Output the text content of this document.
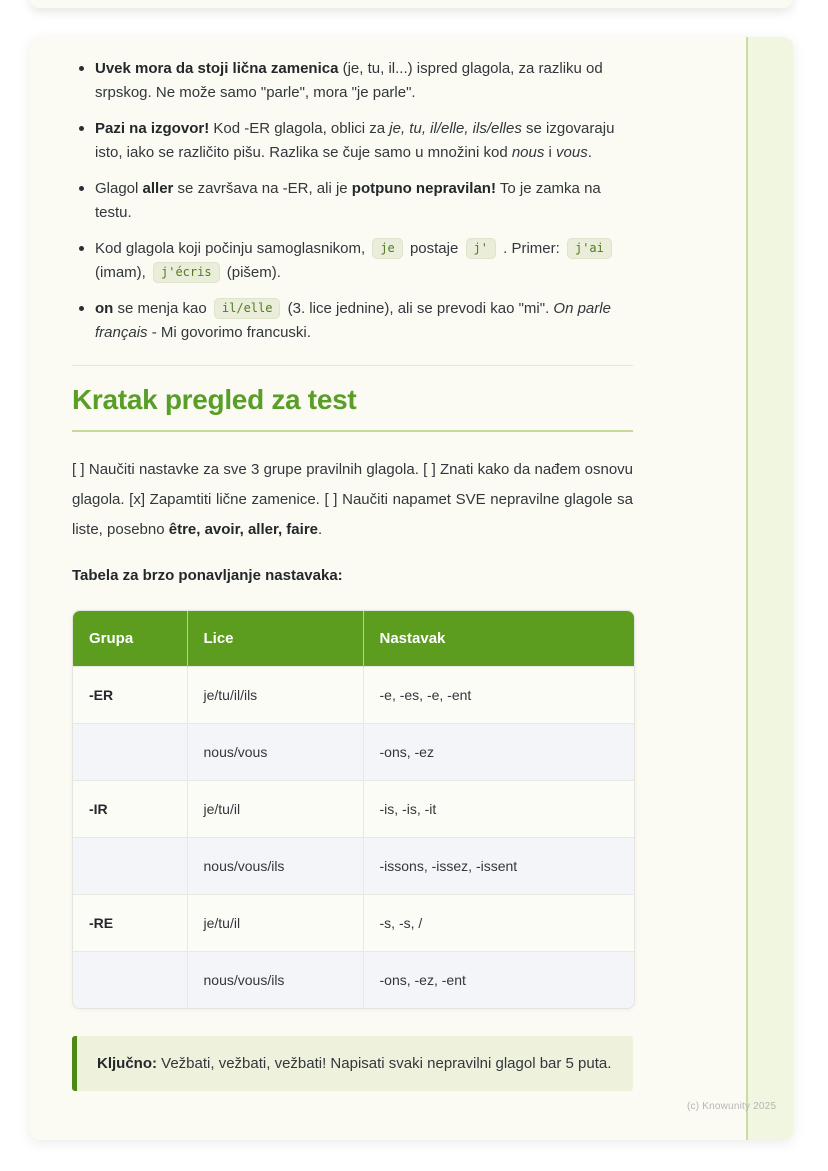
Uvek mora da stoji lična zamenica (je, tu, il...) ispred glagola, za razliku od srpskog. Ne može samo "parle", mora "je parle".
Pazi na izgovor! Kod -ER glagola, oblici za je, tu, il/elle, ils/elles se izgovaraju isto, iako se različito pišu. Razlika se čuje samo u množini kod nous i vous.
Glagol aller se završava na -ER, ali je potpuno nepravilan! To je zamka na testu.
Kod glagola koji počinju samoglasnikom, je postaje j' . Primer: j'ai (imam), j'écris (pišem).
on se menja kao il/elle (3. lice jednine), ali se prevodi kao "mi". On parle français - Mi govorimo francuski.
Kratak pregled za test

[ ] Naučiti nastavke za sve 3 grupe pravilnih glagola. [ ] Znati kako da nađem osnovu glagola. [x] Zapamtiti lične zamenice. [ ] Naučiti napamet SVE nepravilne glagole sa liste, posebno être, avoir, aller, faire.

Tabela za brzo ponavljanje nastavaka:

Grupa	Lice	Nastavak
-ER	je/tu/il/ils	-e, -es, -e, -ent
	nous/vous	-ons, -ez
-IR	je/tu/il	-is, -is, -it
	nous/vous/ils	-issons, -issez, -issent
-RE	je/tu/il	-s, -s, /
	nous/vous/ils	-ons, -ez, -ent
Ključno: Vežbati, vežbati, vežbati! Napisati svaki nepravilni glagol bar 5 puta.
(c) Knowunity 2025
